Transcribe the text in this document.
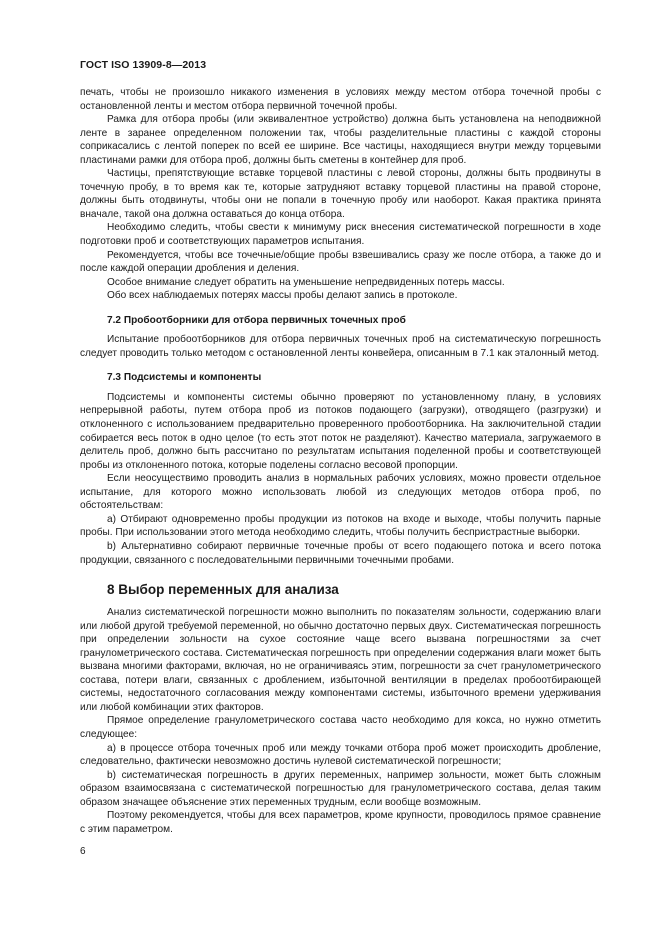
ГОСТ ISO 13909-8—2013

печать, чтобы не произошло никакого изменения в условиях между местом отбора точечной пробы с остановленной ленты и местом отбора первичной точечной пробы.

Рамка для отбора пробы (или эквивалентное устройство) должна быть установлена на неподвижной ленте в заранее определенном положении так, чтобы разделительные пластины с каждой стороны соприкасались с лентой поперек по всей ее ширине. Все частицы, находящиеся внутри между торцевыми пластинами рамки для отбора проб, должны быть сметены в контейнер для проб.

Частицы, препятствующие вставке торцевой пластины с левой стороны, должны быть продвинуты в точечную пробу, в то время как те, которые затрудняют вставку торцевой пластины на правой стороне, должны быть отодвинуты, чтобы они не попали в точечную пробу или наоборот. Какая практика принята вначале, такой она должна оставаться до конца отбора.

Необходимо следить, чтобы свести к минимуму риск внесения систематической погрешности в ходе подготовки проб и соответствующих параметров испытания.

Рекомендуется, чтобы все точечные/общие пробы взвешивались сразу же после отбора, а также до и после каждой операции дробления и деления.

Особое внимание следует обратить на уменьшение непредвиденных потерь массы.

Обо всех наблюдаемых потерях массы пробы делают запись в протоколе.

7.2 Пробоотборники для отбора первичных точечных проб

Испытание пробоотборников для отбора первичных точечных проб на систематическую погрешность следует проводить только методом с остановленной ленты конвейера, описанным в 7.1 как эталонный метод.

7.3 Подсистемы и компоненты

Подсистемы и компоненты системы обычно проверяют по установленному плану, в условиях непрерывной работы, путем отбора проб из потоков подающего (загрузки), отводящего (разгрузки) и отклоненного с использованием предварительно проверенного пробоотборника. На заключительной стадии собирается весь поток в одно целое (то есть этот поток не разделяют). Качество материала, загружаемого в делитель проб, должно быть рассчитано по результатам испытания поделенной пробы и соответствующей пробы из отклоненного потока, которые поделены согласно весовой пропорции.

Если неосуществимо проводить анализ в нормальных рабочих условиях, можно провести отдельное испытание, для которого можно использовать любой из следующих методов отбора проб, по обстоятельствам:

а) Отбирают одновременно пробы продукции из потоков на входе и выходе, чтобы получить парные пробы. При использовании этого метода необходимо следить, чтобы получить беспристрастные выборки.

b) Альтернативно собирают первичные точечные пробы от всего подающего потока и всего потока продукции, связанного с последовательными первичными точечными пробами.

8 Выбор переменных для анализа

Анализ систематической погрешности можно выполнить по показателям зольности, содержанию влаги или любой другой требуемой переменной, но обычно достаточно первых двух. Систематическая погрешность при определении зольности на сухое состояние чаще всего вызвана погрешностями за счет гранулометрического состава. Систематическая погрешность при определении содержания влаги может быть вызвана многими факторами, включая, но не ограничиваясь этим, погрешности за счет гранулометрического состава, потери влаги, связанных с дроблением, избыточной вентиляции в пределах пробоотбирающей системы, недостаточного согласования между компонентами системы, избыточного времени удерживания или любой комбинации этих факторов.

Прямое определение гранулометрического состава часто необходимо для кокса, но нужно отметить следующее:

а) в процессе отбора точечных проб или между точками отбора проб может происходить дробление, следовательно, фактически невозможно достичь нулевой систематической погрешности;

b) систематическая погрешность в других переменных, например зольности, может быть сложным образом взаимосвязана с систематической погрешностью для гранулометрического состава, делая таким образом значащее объяснение этих переменных трудным, если вообще возможным.

Поэтому рекомендуется, чтобы для всех параметров, кроме крупности, проводилось прямое сравнение с этим параметром.

6
